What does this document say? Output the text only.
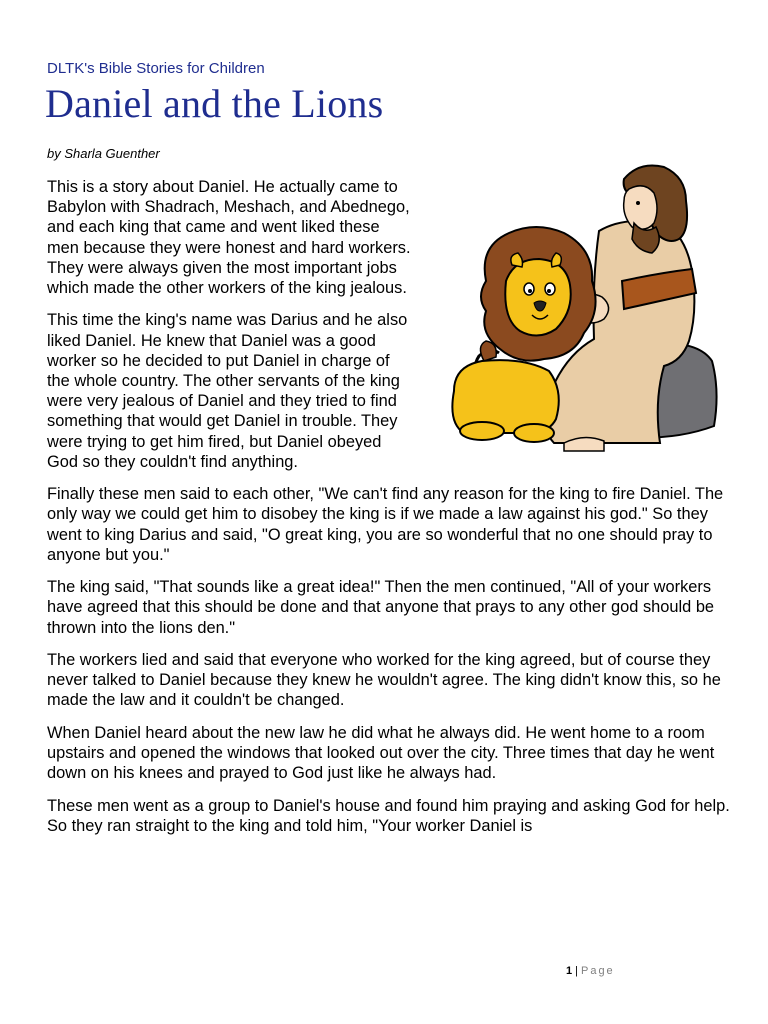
DLTK's Bible Stories for Children
Daniel and the Lions
by Sharla Guenther

This is a story about Daniel. He actually came to Babylon with Shadrach, Meshach, and Abednego, and each king that came and went liked these men because they were honest and hard workers. They were always given the most important jobs which made the other workers of the king jealous.

This time the king's name was Darius and he also liked Daniel. He knew that Daniel was a good worker so he decided to put Daniel in charge of the whole country. The other servants of the king were very jealous of Daniel and they tried to find something that would get Daniel in trouble. They were trying to get him fired, but Daniel obeyed God so they couldn't find anything.

Finally these men said to each other, "We can't find any reason for the king to fire Daniel. The only way we could get him to disobey the king is if we made a law against his god." So they went to king Darius and said, "O great king, you are so wonderful that no one should pray to anyone but you."

The king said, "That sounds like a great idea!" Then the men continued, "All of your workers have agreed that this should be done and that anyone that prays to any other god should be thrown into the lions den."

The workers lied and said that everyone who worked for the king agreed, but of course they never talked to Daniel because they knew he wouldn't agree. The king didn't know this, so he made the law and it couldn't be changed.

When Daniel heard about the new law he did what he always did. He went home to a room upstairs and opened the windows that looked out over the city. Three times that day he went down on his knees and prayed to God just like he always had.

These men went as a group to Daniel's house and found him praying and asking God for help. So they ran straight to the king and told him, "Your worker Daniel is

1 | Page
